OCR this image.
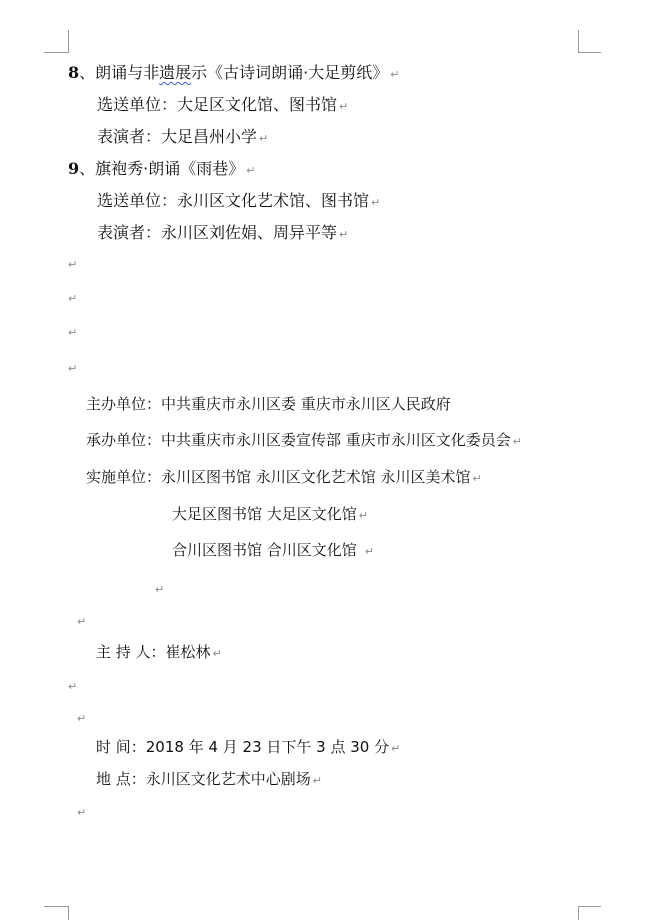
8、朗诵与非遗展示《古诗词朗诵·大足剪纸》 ↵
选送单位：大足区文化馆、图书馆 ↵
表演者：大足昌州小学 ↵
9、旗袍秀·朗诵《雨巷》 ↵
选送单位：永川区文化艺术馆、图书馆 ↵
表演者：永川区刘佐娟、周异平等 ↵
↵
↵
↵
↵
主办单位：中共重庆市永川区委 重庆市永川区人民政府
承办单位：中共重庆市永川区委宣传部 重庆市永川区文化委员会 ↵
实施单位：永川区图书馆 永川区文化艺术馆 永川区美术馆 ↵
大足区图书馆 大足区文化馆 ↵
合川区图书馆 合川区文化馆 ↵
↵
↵
主 持 人：崔松林 ↵
↵
↵
时 间：2018 年 4 月 23 日下午 3 点 30 分 ↵
地 点：永川区文化艺术中心剧场 ↵
↵
